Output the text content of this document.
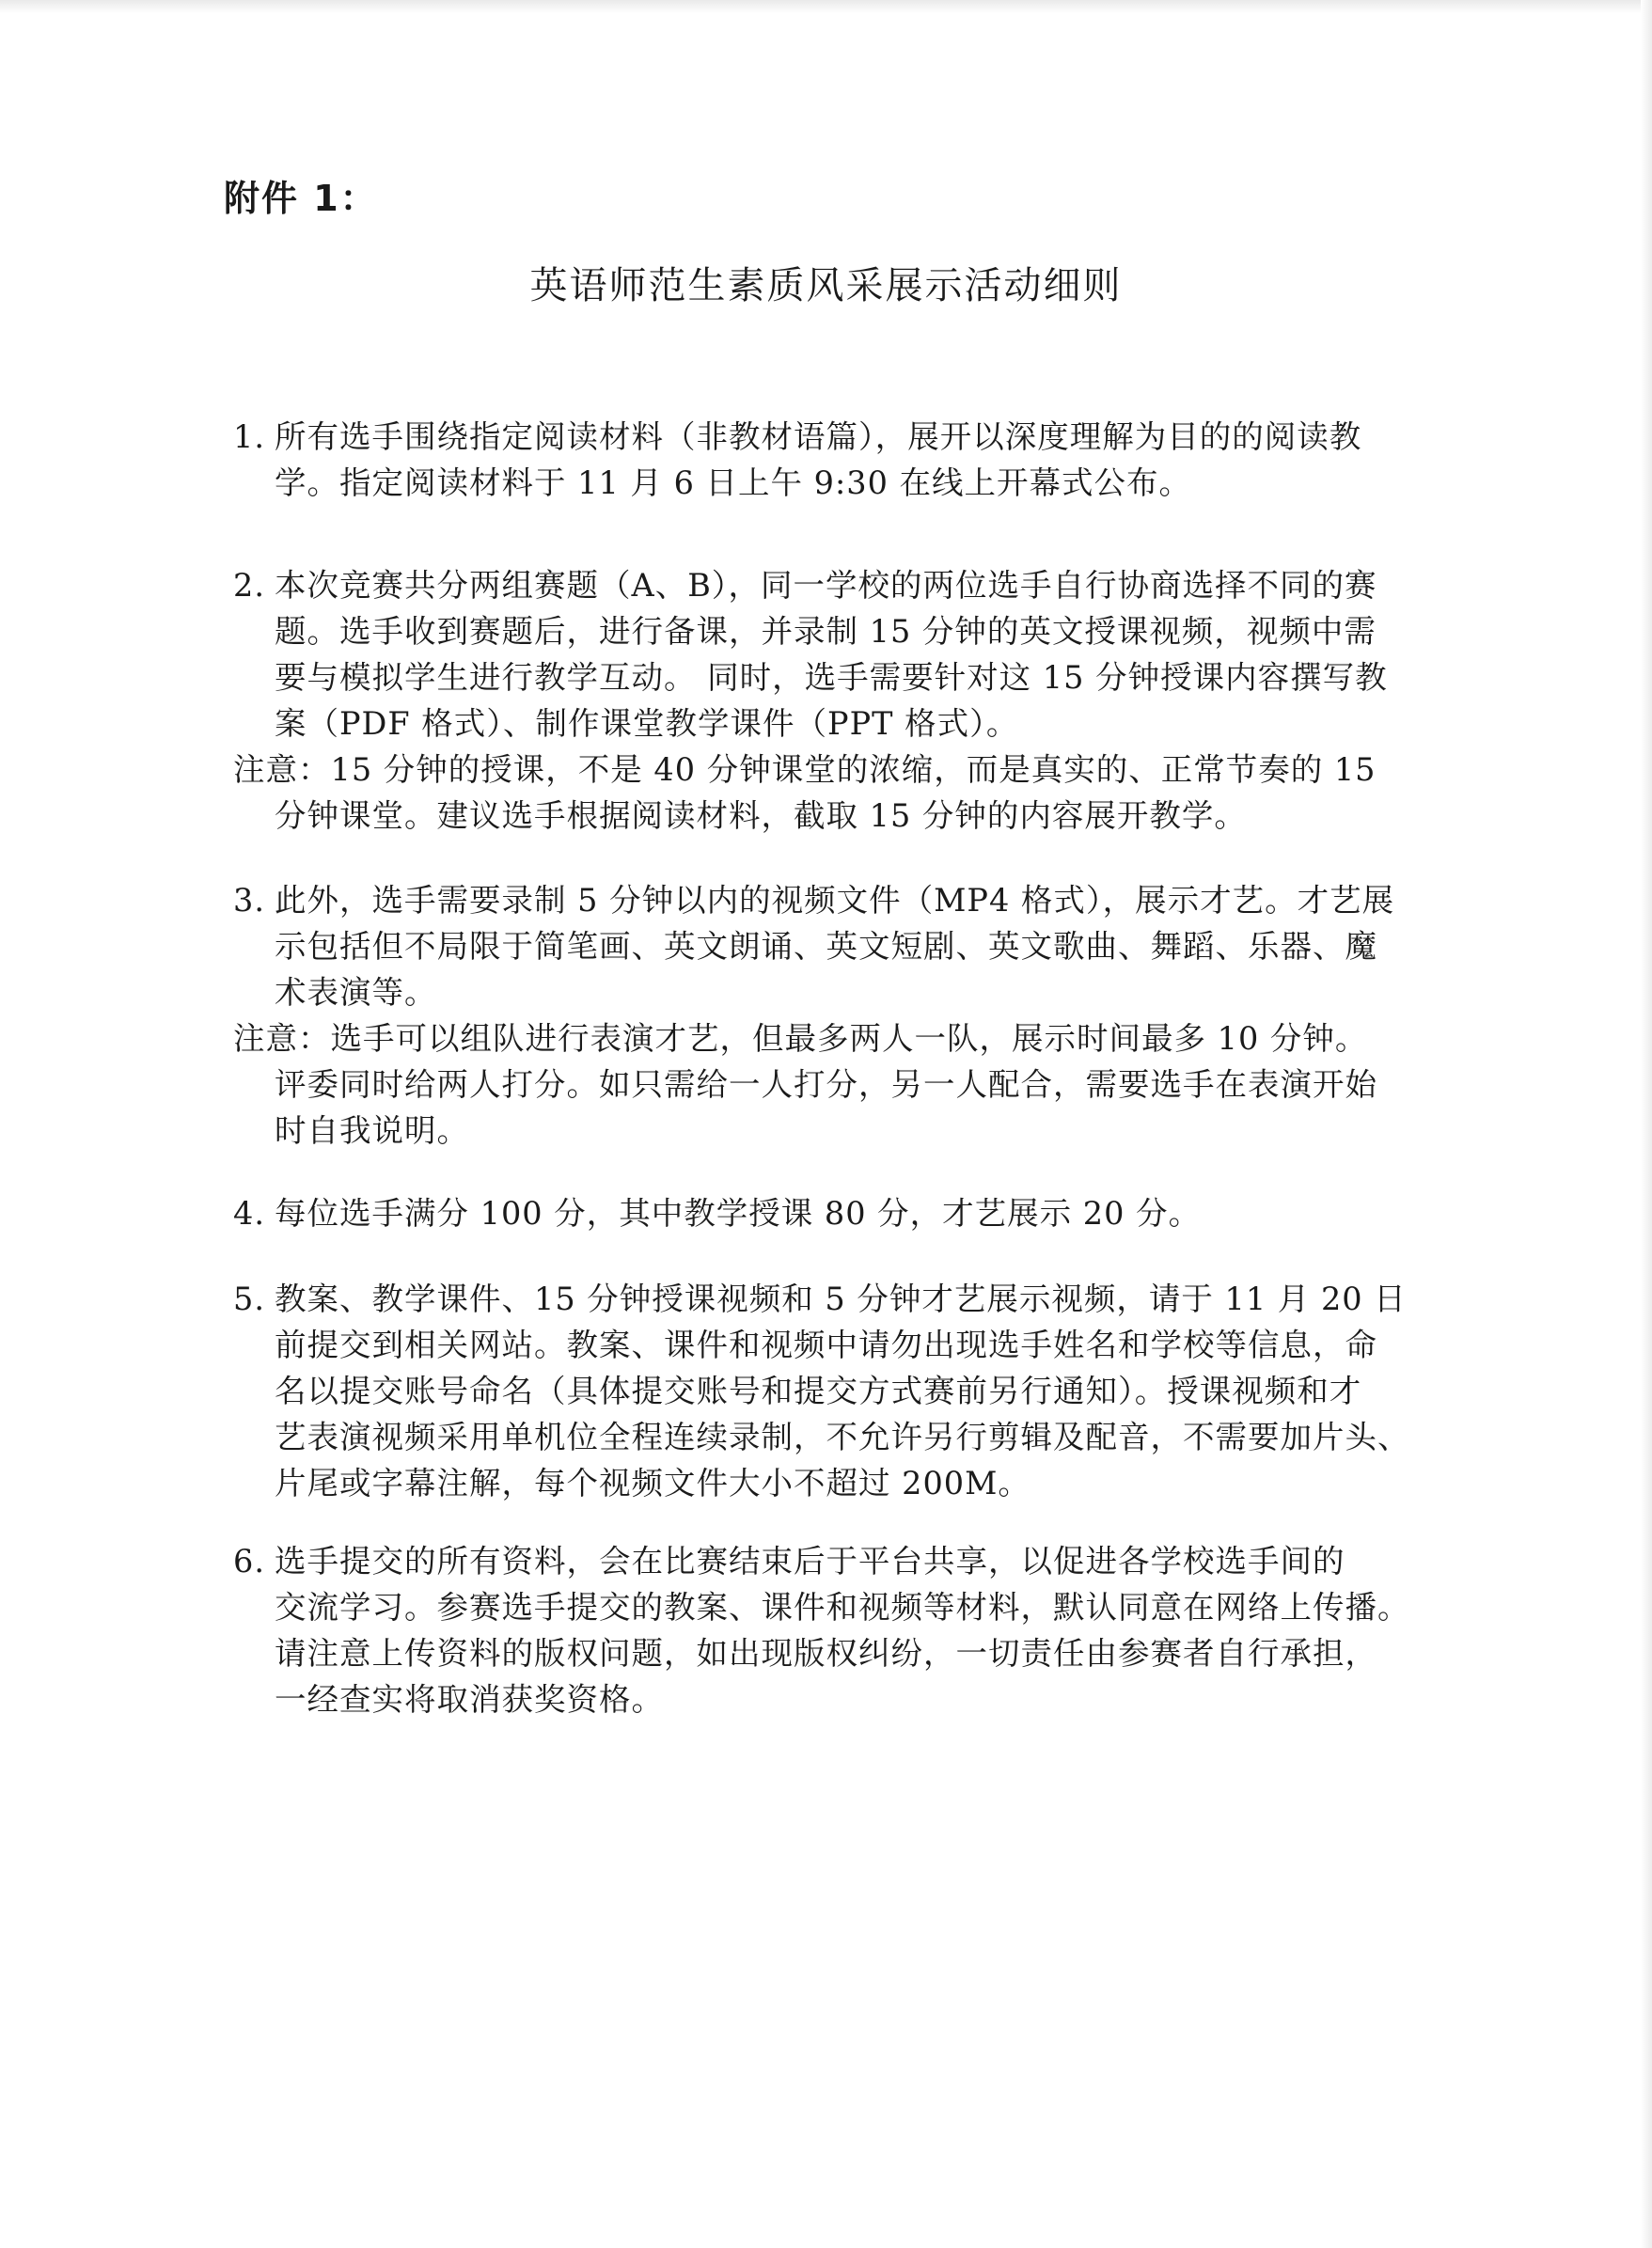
附件 1：
英语师范生素质风采展示活动细则
1. 所有选手围绕指定阅读材料（非教材语篇），展开以深度理解为目的的阅读教
学。指定阅读材料于 11 月 6 日上午 9:30 在线上开幕式公布。
2. 本次竞赛共分两组赛题（A、B），同一学校的两位选手自行协商选择不同的赛
题。选手收到赛题后，进行备课，并录制 15 分钟的英文授课视频，视频中需
要与模拟学生进行教学互动。 同时，选手需要针对这 15 分钟授课内容撰写教
案（PDF 格式）、制作课堂教学课件（PPT 格式）。
注意：15 分钟的授课，不是 40 分钟课堂的浓缩，而是真实的、正常节奏的 15
分钟课堂。建议选手根据阅读材料，截取 15 分钟的内容展开教学。
3. 此外，选手需要录制 5 分钟以内的视频文件（MP4 格式），展示才艺。才艺展
示包括但不局限于简笔画、英文朗诵、英文短剧、英文歌曲、舞蹈、乐器、魔
术表演等。
注意：选手可以组队进行表演才艺，但最多两人一队，展示时间最多 10 分钟。
评委同时给两人打分。如只需给一人打分，另一人配合，需要选手在表演开始
时自我说明。
4. 每位选手满分 100 分，其中教学授课 80 分，才艺展示 20 分。
5. 教案、教学课件、15 分钟授课视频和 5 分钟才艺展示视频，请于 11 月 20 日
前提交到相关网站。教案、课件和视频中请勿出现选手姓名和学校等信息，命
名以提交账号命名（具体提交账号和提交方式赛前另行通知）。授课视频和才
艺表演视频采用单机位全程连续录制，不允许另行剪辑及配音，不需要加片头、
片尾或字幕注解，每个视频文件大小不超过 200M。
6. 选手提交的所有资料，会在比赛结束后于平台共享，以促进各学校选手间的
交流学习。参赛选手提交的教案、课件和视频等材料，默认同意在网络上传播。
请注意上传资料的版权问题，如出现版权纠纷，一切责任由参赛者自行承担，
一经查实将取消获奖资格。
